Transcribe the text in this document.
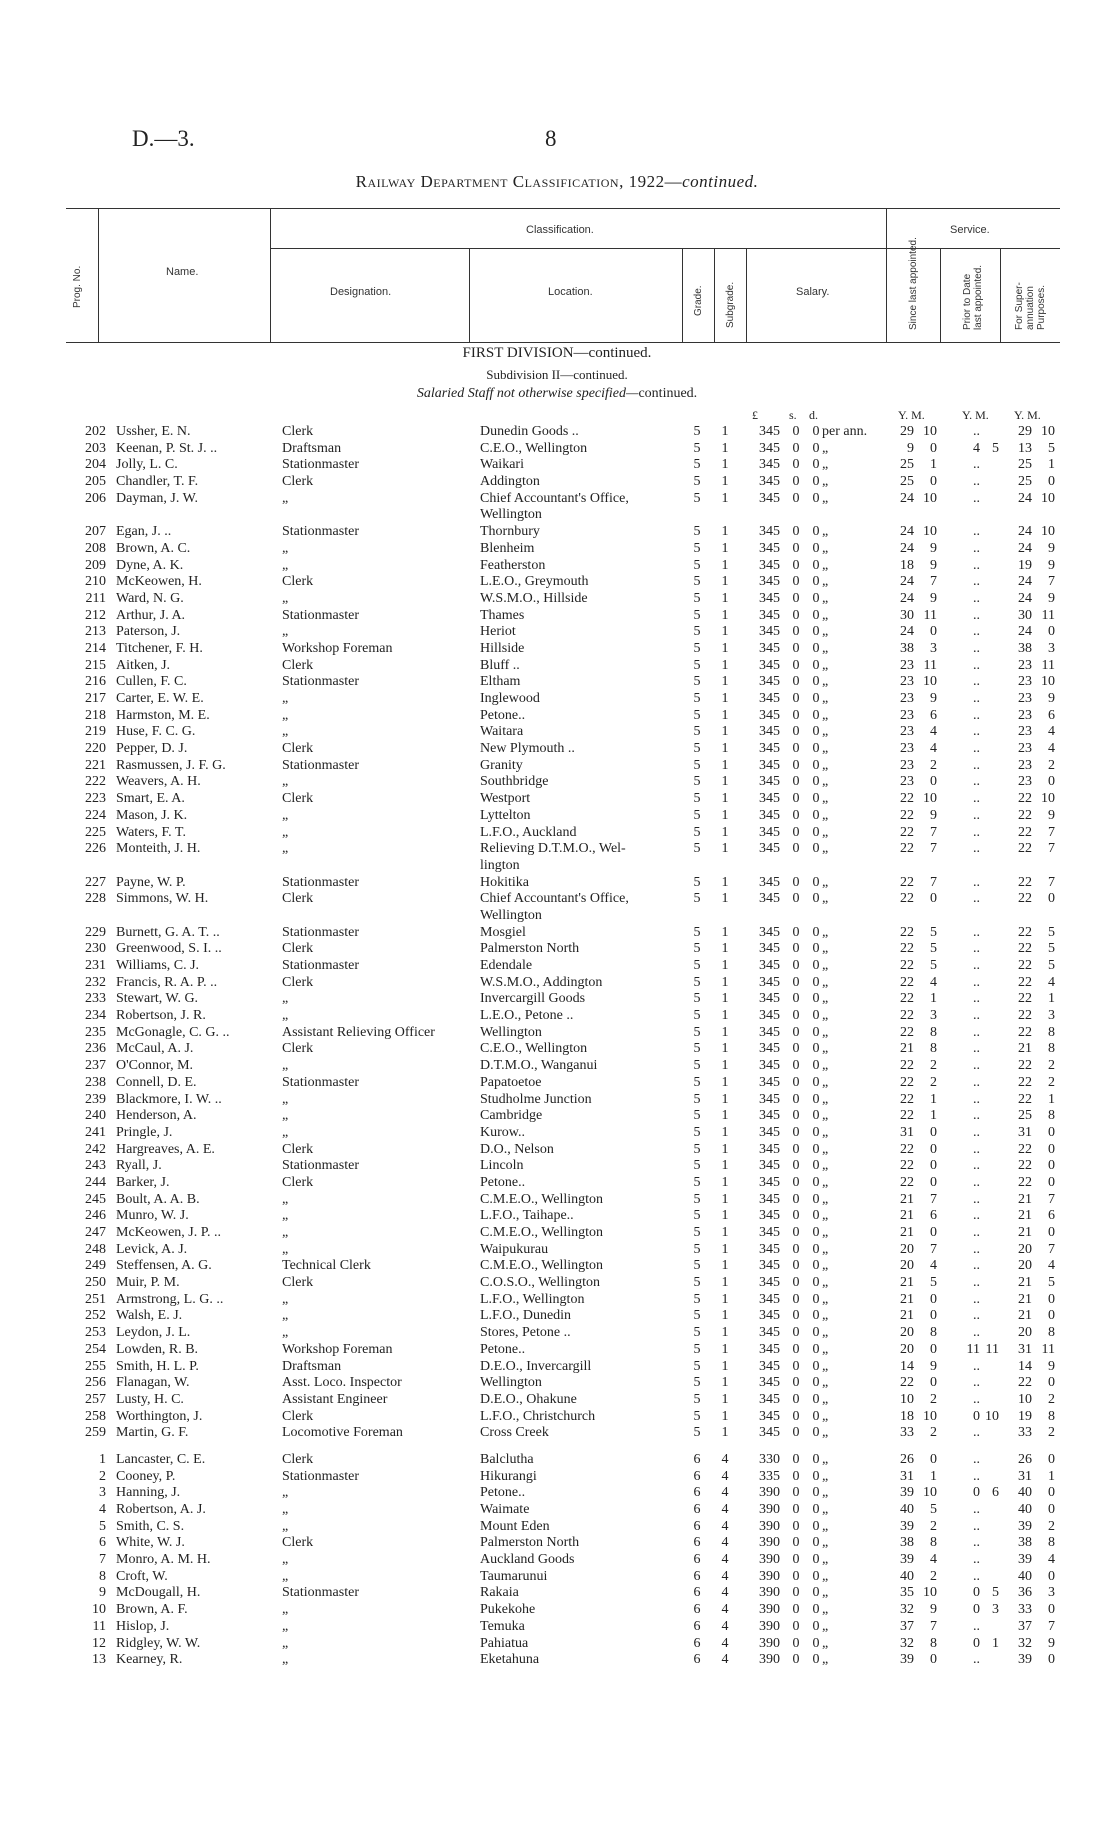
D.—3.	8
Railway Department Classification, 1922—continued.
Prog. No.	Name.
Classification.
Designation.	Location.	Grade. Subgrade.	Salary.
Service.
Since last appointed.	Prior to Date last appointed.	For Super- annuation Purposes.
FIRST DIVISION—continued.
Subdivision II—continued.
Salaried Staff not otherwise specified—continued.
£	s. d.	Y. M.	Y. M. Y. M.
202 Ussher, E. N.	Clerk	Dunedin Goods ..	5 1	345 0 0 per ann.	29 10	..	29 10
203 Keenan, P. St. J. ..	Draftsman	C.E.O., Wellington	5 1	345 0 0 „	9	0	4 5	13	5
204 Jolly, L. C.	Stationmaster	Waikari	5 1	345 0 0 „	25	1	..	25	1
205 Chandler, T. F.	Clerk	Addington	5 1	345 0 0 „	25	0	..	25	0
206 Dayman, J. W.	„	Chief Accountant's Office,	5 1	345 0 0 „	24 10	..	24 10
Wellington
207 Egan, J. ..	Stationmaster	Thornbury	5 1	345 0 0 „	24 10	..	24 10
208 Brown, A. C.	„	Blenheim	5 1	345 0 0 „	24	9	..	24	9
209 Dyne, A. K.	„	Featherston	5 1	345 0 0 „	18	9	..	19	9
210 McKeowen, H.	Clerk	L.E.O., Greymouth	5 1	345 0 0 „	24	7	..	24	7
211 Ward, N. G.	„	W.S.M.O., Hillside	5 1	345 0 0 „	24	9	..	24	9
212 Arthur, J. A.	Stationmaster	Thames	5 1	345 0 0 „	30 11	..	30 11
213 Paterson, J.	„	Heriot	5 1	345 0 0 „	24	0	..	24	0
214 Titchener, F. H.	Workshop Foreman	Hillside	5 1	345 0 0 „	38	3	..	38	3
215 Aitken, J.	Clerk	Bluff ..	5 1	345 0 0 „	23 11	..	23 11
216 Cullen, F. C.	Stationmaster	Eltham	5 1	345 0 0 „	23 10	..	23 10
217 Carter, E. W. E.	„	Inglewood	5 1	345 0 0 „	23	9	..	23	9
218 Harmston, M. E.	„	Petone..	5 1	345 0 0 „	23	6	..	23	6
219 Huse, F. C. G.	„	Waitara	5 1	345 0 0 „	23	4	..	23	4
220 Pepper, D. J.	Clerk	New Plymouth ..	5 1	345 0 0 „	23	4	..	23	4
221 Rasmussen, J. F. G.	Stationmaster	Granity	5 1	345 0 0 „	23	2	..	23	2
222 Weavers, A. H.	„	Southbridge	5 1	345 0 0 „	23	0	..	23	0
223 Smart, E. A.	Clerk	Westport	5 1	345 0 0 „	22 10	..	22 10
224 Mason, J. K.	„	Lyttelton	5 1	345 0 0 „	22	9	..	22	9
225 Waters, F. T.	„	L.F.O., Auckland	5 1	345 0 0 „	22	7	..	22	7
226 Monteith, J. H.	„	Relieving D.T.M.O., Wel-	5 1	345 0 0 „	22	7	..	22	7
lington
227 Payne, W. P.	Stationmaster	Hokitika	5 1	345 0 0 „	22	7	..	22	7
228 Simmons, W. H.	Clerk	Chief Accountant's Office,	5 1	345 0 0 „	22	0	..	22	0
Wellington
229 Burnett, G. A. T. ..	Stationmaster	Mosgiel	5 1	345 0 0 „	22	5	..	22	5
230 Greenwood, S. I. ..	Clerk	Palmerston North	5 1	345 0 0 „	22	5	..	22	5
231 Williams, C. J.	Stationmaster	Edendale	5 1	345 0 0 „	22	5	..	22	5
232 Francis, R. A. P. ..	Clerk	W.S.M.O., Addington	5 1	345 0 0 „	22	4	..	22	4
233 Stewart, W. G.	„	Invercargill Goods	5 1	345 0 0 „	22	1	..	22	1
234 Robertson, J. R.	„	L.E.O., Petone ..	5 1	345 0 0 „	22	3	..	22	3
235 McGonagle, C. G. ..	Assistant Relieving Officer	Wellington	5 1	345 0 0 „	22	8	..	22	8
236 McCaul, A. J.	Clerk	C.E.O., Wellington	5 1	345 0 0 „	21	8	..	21	8
237 O'Connor, M.	„	D.T.M.O., Wanganui	5 1	345 0 0 „	22	2	..	22	2
238 Connell, D. E.	Stationmaster	Papatoetoe	5 1	345 0 0 „	22	2	..	22	2
239 Blackmore, I. W. ..	„	Studholme Junction	5 1	345 0 0 „	22	1	..	22	1
240 Henderson, A.	„	Cambridge	5 1	345 0 0 „	22	1	..	25	8
241 Pringle, J.	„	Kurow..	5 1	345 0 0 „	31	0	..	31	0
242 Hargreaves, A. E.	Clerk	D.O., Nelson	5 1	345 0 0 „	22	0	..	22	0
243 Ryall, J.	Stationmaster	Lincoln	5 1	345 0 0 „	22	0	..	22	0
244 Barker, J.	Clerk	Petone..	5 1	345 0 0 „	22	0	..	22	0
245 Boult, A. A. B.	„	C.M.E.O., Wellington	5 1	345 0 0 „	21	7	..	21	7
246 Munro, W. J.	„	L.F.O., Taihape..	5 1	345 0 0 „	21	6	..	21	6
247 McKeowen, J. P. ..	„	C.M.E.O., Wellington	5 1	345 0 0 „	21	0	..	21	0
248 Levick, A. J.	„	Waipukurau	5 1	345 0 0 „	20	7	..	20	7
249 Steffensen, A. G.	Technical Clerk	C.M.E.O., Wellington	5 1	345 0 0 „	20	4	..	20	4
250 Muir, P. M.	Clerk	C.O.S.O., Wellington	5 1	345 0 0 „	21	5	..	21	5
251 Armstrong, L. G. ..	„	L.F.O., Wellington	5 1	345 0 0 „	21	0	..	21	0
252 Walsh, E. J.	„	L.F.O., Dunedin	5 1	345 0 0 „	21	0	..	21	0
253 Leydon, J. L.	„	Stores, Petone ..	5 1	345 0 0 „	20	8	..	20	8
254 Lowden, R. B.	Workshop Foreman	Petone..	5 1	345 0 0 „	20	0	11 11	31 11
255 Smith, H. L. P.	Draftsman	D.E.O., Invercargill	5 1	345 0 0 „	14	9	..	14	9
256 Flanagan, W.	Asst. Loco. Inspector	Wellington	5 1	345 0 0 „	22	0	..	22	0
257 Lusty, H. C.	Assistant Engineer	D.E.O., Ohakune	5 1	345 0 0 „	10	2	..	10	2
258 Worthington, J.	Clerk	L.F.O., Christchurch	5 1	345 0 0 „	18 10	0 10	19	8
259 Martin, G. F.	Locomotive Foreman	Cross Creek	5 1	345 0 0 „	33	2	..	33	2
1 Lancaster, C. E.	Clerk	Balclutha	6 4	330 0 0 „	26	0	..	26	0
2 Cooney, P.	Stationmaster	Hikurangi	6 4	335 0 0 „	31	1	..	31	1
3 Hanning, J.	„	Petone..	6 4	390 0 0 „	39 10	0 6	40	0
4 Robertson, A. J.	„	Waimate	6 4	390 0 0 „	40	5	..	40	0
5 Smith, C. S.	„	Mount Eden	6 4	390 0 0 „	39	2	..	39	2
6 White, W. J.	Clerk	Palmerston North	6 4	390 0 0 „	38	8	..	38	8
7 Monro, A. M. H.	„	Auckland Goods	6 4	390 0 0 „	39	4	..	39	4
8 Croft, W.	„	Taumarunui	6 4	390 0 0 „	40	2	..	40	0
9 McDougall, H.	Stationmaster	Rakaia	6 4	390 0 0 „	35 10	0 5	36	3
10 Brown, A. F.	„	Pukekohe	6 4	390 0 0 „	32	9	0 3	33	0
11 Hislop, J.	„	Temuka	6 4	390 0 0 „	37	7	..	37	7
12 Ridgley, W. W.	„	Pahiatua	6 4	390 0 0 „	32	8	0 1	32	9
13 Kearney, R.	„	Eketahuna	6 4	390 0 0 „	39	0	..	39	0
